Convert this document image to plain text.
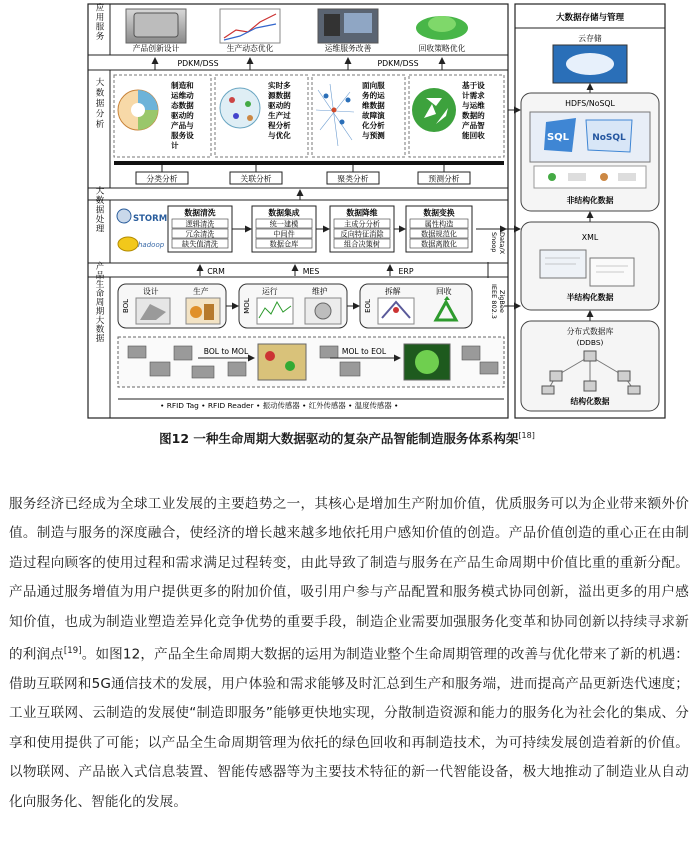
应用服务
产品创新设计	生产动态优化	运维服务改善	回收策略优化
PDKM/DSS	PDKM/DSS
大数据分析	制造和
运维动
态数据
驱动的
产品与
服务设
计
实时多
源数据
驱动的
生产过
程分析
与优化
面向服
务的运
维数据
故障演
化分析
与预测
基于设
计需求
与运维
数据的
产品智
能回收
分类分析	关联分析	聚类分析	预测分析
大数据处理	STORM
hadoop
数据清洗	数据集成	数据降维	数据变换
逻辑清洗
冗余清洗
缺失值清洗
统一建模
中间件
数据仓库
主成分分析
反向特征消除
组合决策树
属性构造
数据规范化
数据离散化
CRM	MES	ERP
产品生命周期大数据	BOL	MOL	EOL
设计	生产	运行	维护	拆解	回收
BOL to MOL	MOL to EOL
• RFID Tag • RFID Reader • 振动传感器 • 红外传感器 • 温度传感器 •
Snoop Data/X
IEEE 802.3 ZigBee
大数据存储与管理
云存储
HDFS/NoSQL
SQL	NoSQL
非结构化数据
XML
半结构化数据
分布式数据库
(DDBS)
结构化数据
图12 一种生命周期大数据驱动的复杂产品智能制造服务体系构架[18]

服务经济已经成为全球工业发展的主要趋势之一，其核心是增加生产附加价值，优质服务可以为企业带来额外价值。制造与服务的深度融合，使经济的增长越来越多地依托用户感知价值的创造。产品价值创造的重心正在由制造过程向顾客的使用过程和需求满足过程转变，由此导致了制造与服务在产品生命周期中价值比重的重新分配。产品通过服务增值为用户提供更多的附加价值，吸引用户参与产品配置和服务模式协同创新，溢出更多的用户感知价值，也成为制造业塑造差异化竞争优势的重要手段，制造企业需要加强服务化变革和协同创新以持续寻求新的利润点[19]。如图12，产品全生命周期大数据的运用为制造业整个生命周期管理的改善与优化带来了新的机遇：借助互联网和5G通信技术的发展，用户体验和需求能够及时汇总到生产和服务端，进而提高产品更新迭代速度；工业互联网、云制造的发展使“制造即服务”能够更快地实现，分散制造资源和能力的服务化为社会化的集成、分享和使用提供了可能；以产品全生命周期管理为依托的绿色回收和再制造技术，为可持续发展创造着新的价值。以物联网、产品嵌入式信息装置、智能传感器等为主要技术特征的新一代智能设备，极大地推动了制造业从自动化向服务化、智能化的发展。
